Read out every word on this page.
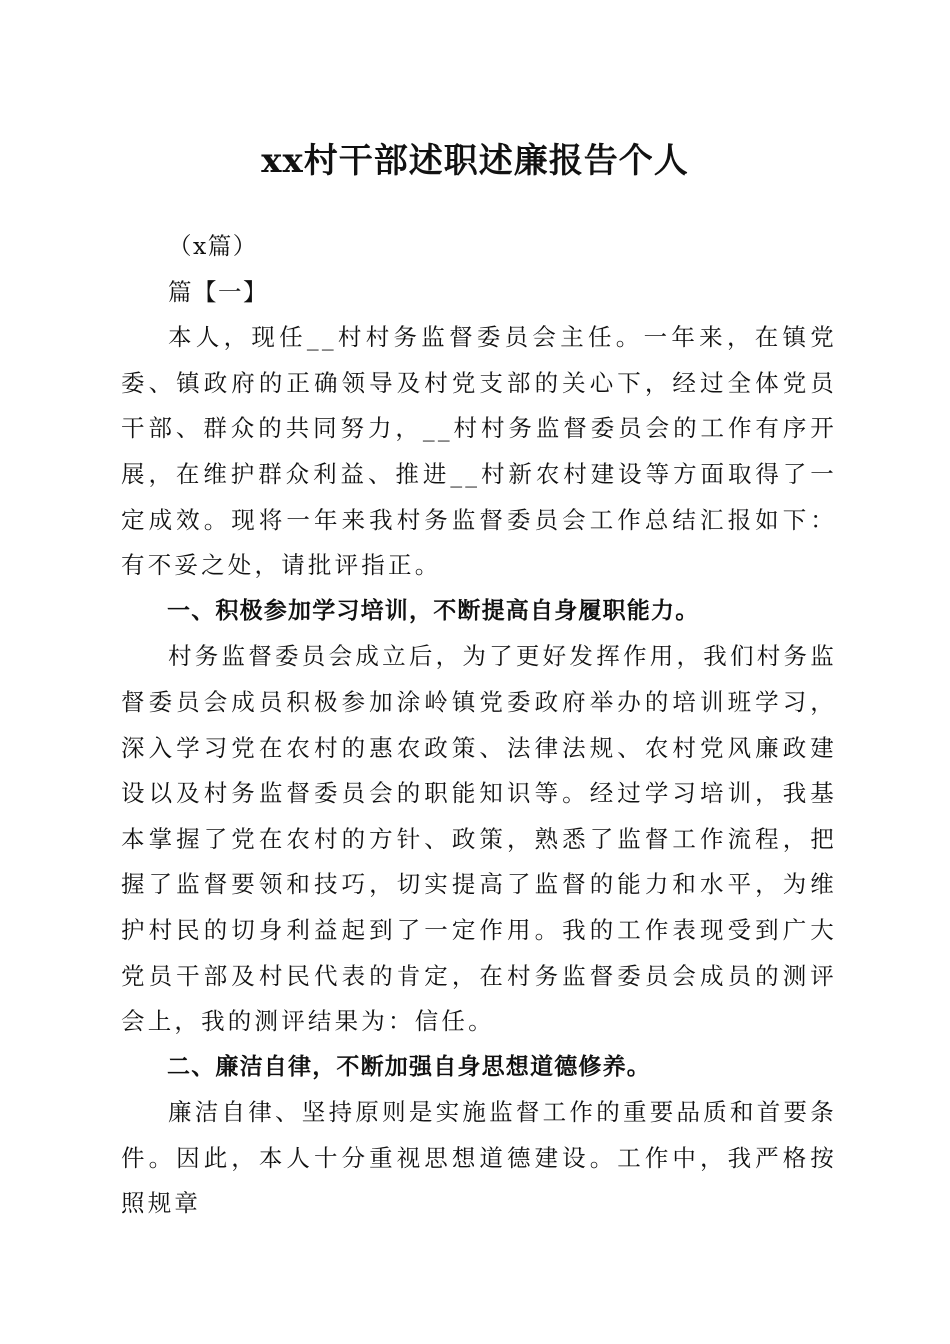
xx村干部述职述廉报告个人

（x篇）

篇【一】

本人，现任__村村务监督委员会主任。一年来，在镇党委、镇政府的正确领导及村党支部的关心下，经过全体党员干部、群众的共同努力，__村村务监督委员会的工作有序开展，在维护群众利益、推进__村新农村建设等方面取得了一定成效。现将一年来我村务监督委员会工作总结汇报如下：有不妥之处，请批评指正。

一、积极参加学习培训，不断提高自身履职能力。

村务监督委员会成立后，为了更好发挥作用，我们村务监督委员会成员积极参加涂岭镇党委政府举办的培训班学习，深入学习党在农村的惠农政策、法律法规、农村党风廉政建设以及村务监督委员会的职能知识等。经过学习培训，我基本掌握了党在农村的方针、政策，熟悉了监督工作流程，把握了监督要领和技巧，切实提高了监督的能力和水平，为维护村民的切身利益起到了一定作用。我的工作表现受到广大党员干部及村民代表的肯定，在村务监督委员会成员的测评会上，我的测评结果为：信任。

二、廉洁自律，不断加强自身思想道德修养。

廉洁自律、坚持原则是实施监督工作的重要品质和首要条件。因此，本人十分重视思想道德建设。工作中，我严格按照规章
